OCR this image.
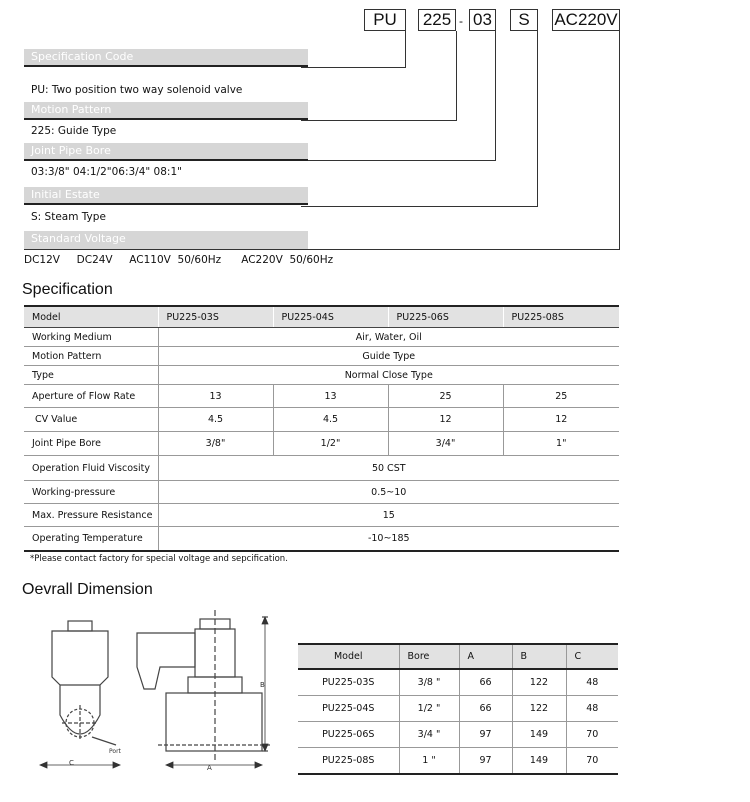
PU	225 - 03	S	AC220V
Specification Code
PU: Two position two way solenoid valve
Motion Pattern
225: Guide Type
Joint Pipe Bore
03:3/8" 04:1/2"06:3/4" 08:1"
Initial Estate
S: Steam Type
Standard Voltage
DC12V     DC24V     AC110V  50/60Hz      AC220V  50/60Hz
Specification
Model	PU225-03S	PU225-04S	PU225-06S	PU225-08S
Working Medium	Air, Water, Oil			
Motion Pattern	Guide Type			
Type	Normal Close Type			
Aperture of Flow Rate	13	13	25	25
CV Value	4.5	4.5	12	12
Joint Pipe Bore	3/8"	1/2"	3/4"	1"
Operation Fluid Viscosity	50 CST			
Working-pressure	0.5~10			
Max. Pressure Resistance	15			
Operating Temperature	-10~185			
*Please contact factory for special voltage and sepcification.
Oevrall Dimension
C
A
B
Port
Model	Bore	A	B	C
PU225-03S	3/8 "	66	122	48
PU225-04S	1/2 "	66	122	48
PU225-06S	3/4 "	97	149	70
PU225-08S	1 "	97	149	70
